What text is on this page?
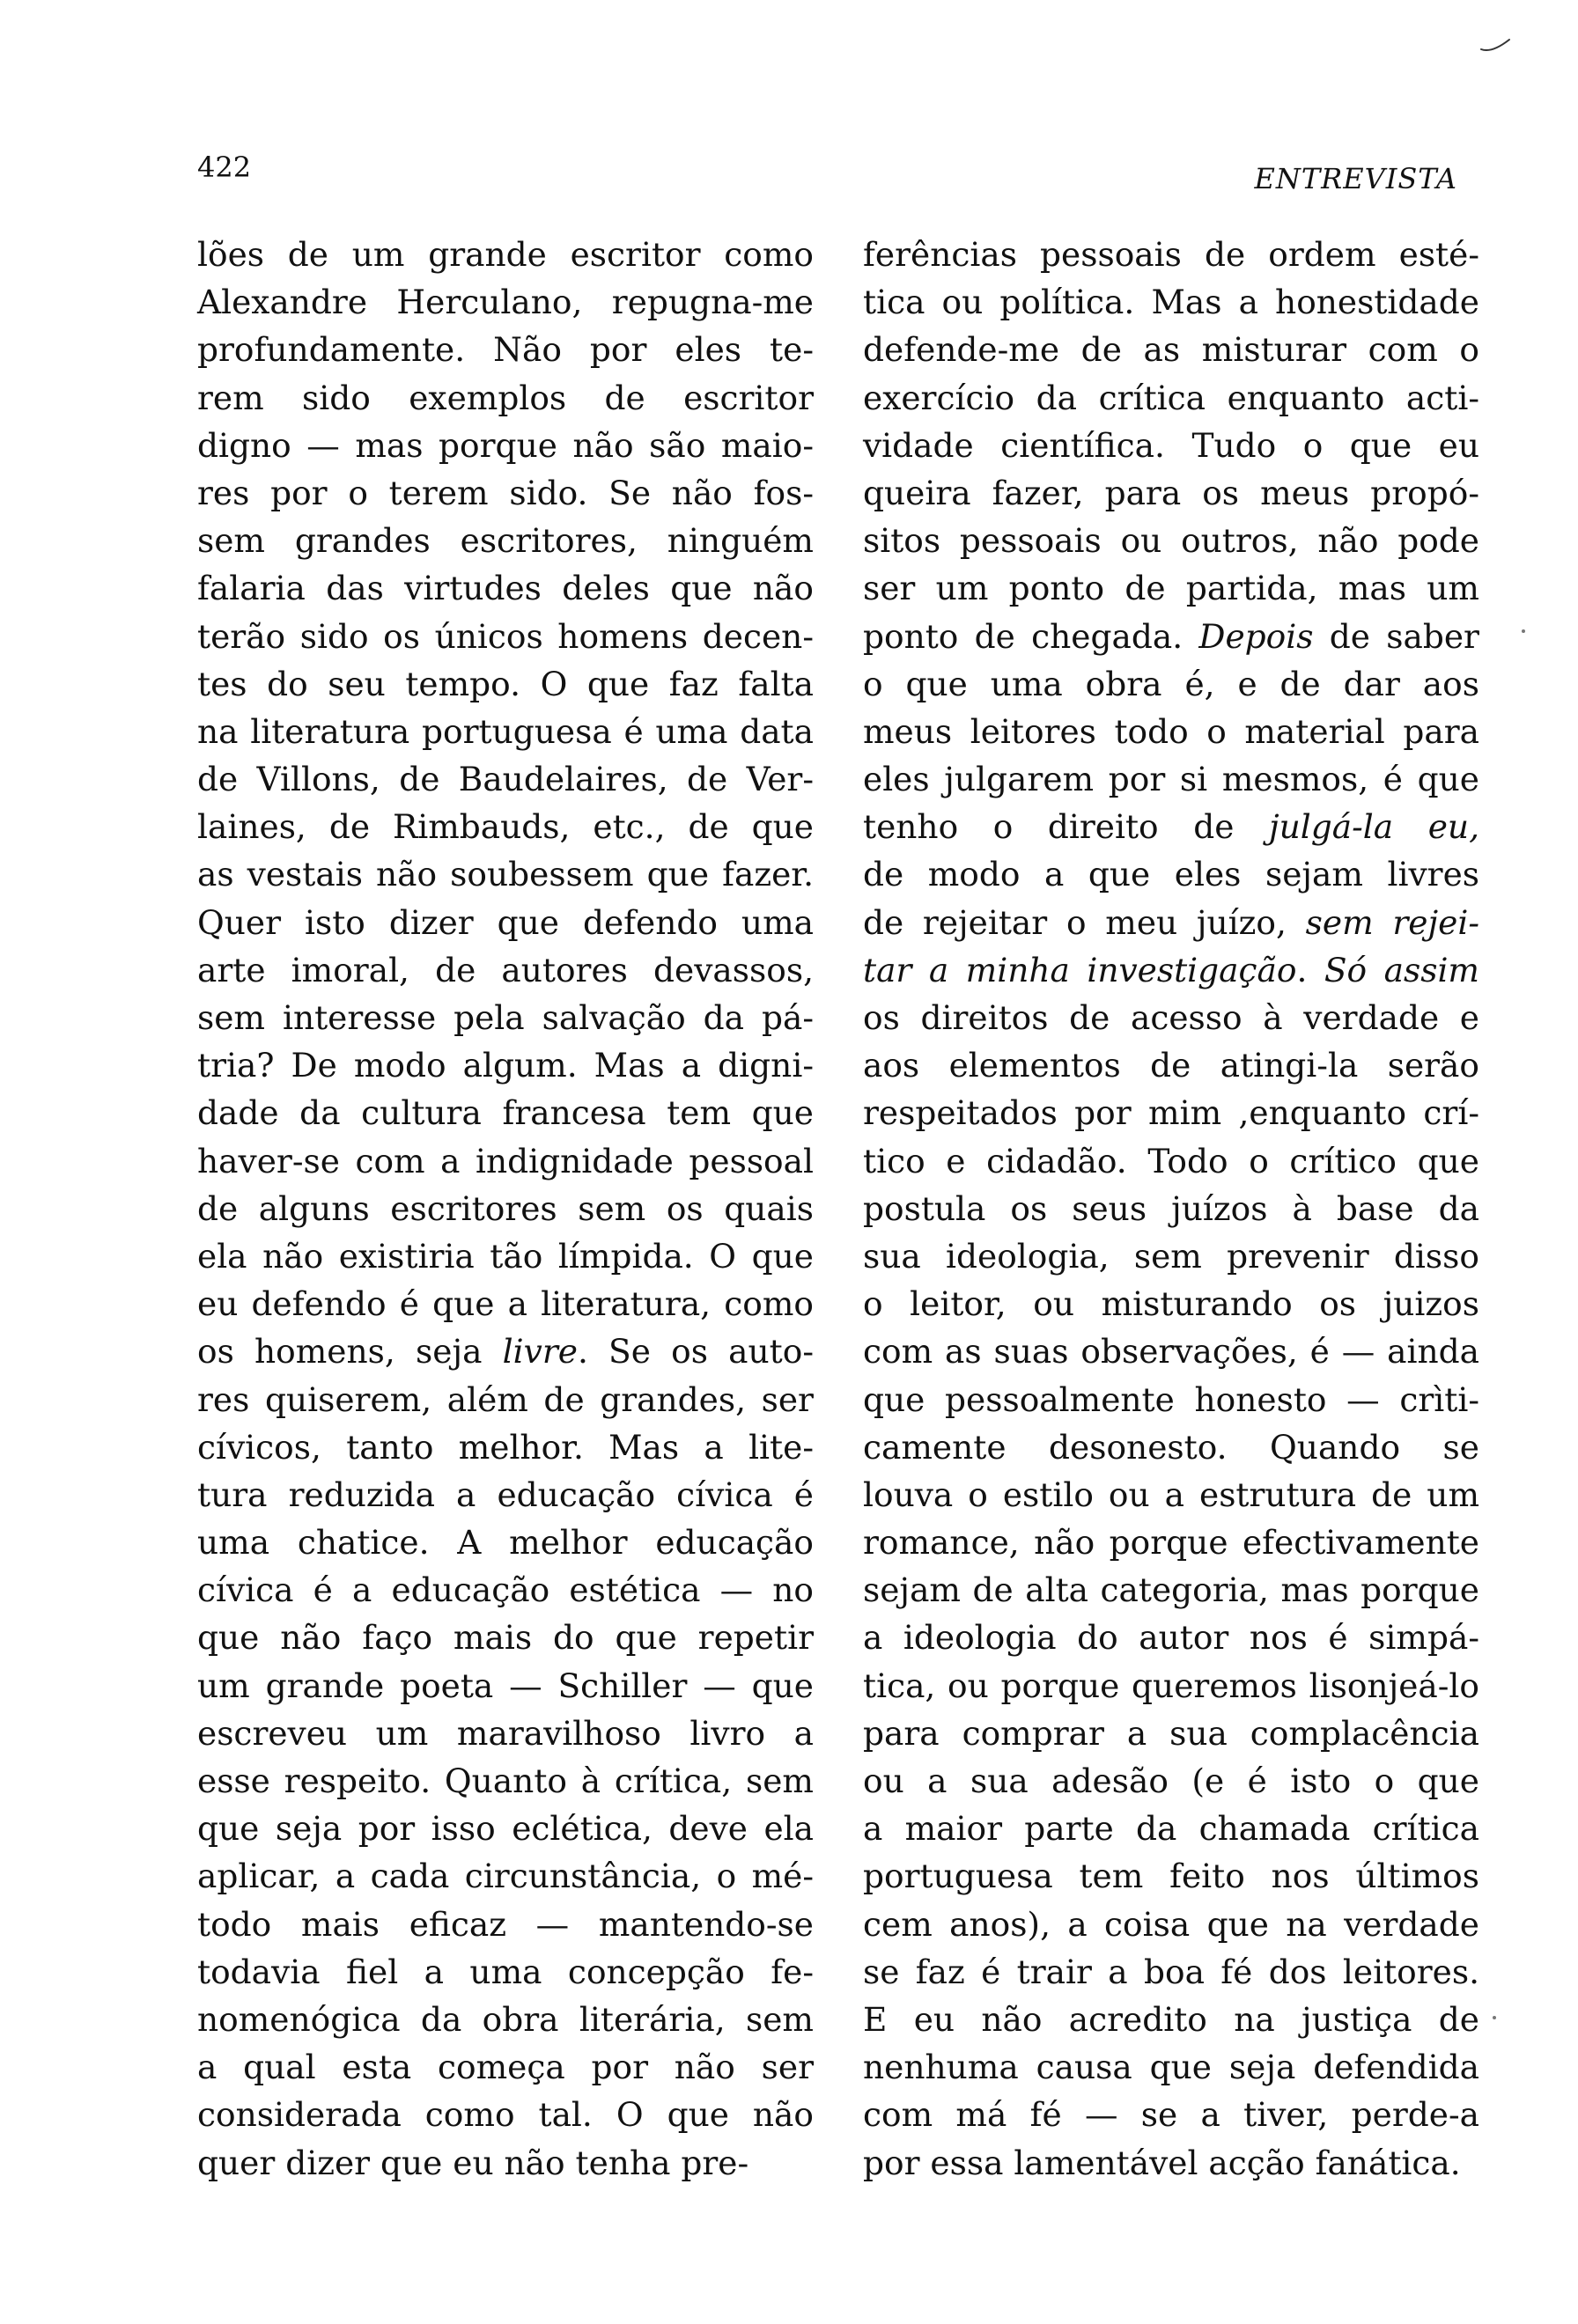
422	ENTREVISTA
lões de um grande escritor como
Alexandre Herculano, repugna-me
profundamente. Não por eles te-
rem sido exemplos de escritor
digno — mas porque não são maio-
res por o terem sido. Se não fos-
sem grandes escritores, ninguém
falaria das virtudes deles que não
terão sido os únicos homens decen-
tes do seu tempo. O que faz falta
na literatura portuguesa é uma data
de Villons, de Baudelaires, de Ver-
laines, de Rimbauds, etc., de que
as vestais não soubessem que fazer.
Quer isto dizer que defendo uma
arte imoral, de autores devassos,
sem interesse pela salvação da pá-
tria? De modo algum. Mas a digni-
dade da cultura francesa tem que
haver-se com a indignidade pessoal
de alguns escritores sem os quais
ela não existiria tão límpida. O que
eu defendo é que a literatura, como
os homens, seja livre. Se os auto-
res quiserem, além de grandes, ser
cívicos, tanto melhor. Mas a lite-
tura reduzida a educação cívica é
uma chatice. A melhor educação
cívica é a educação estética — no
que não faço mais do que repetir
um grande poeta — Schiller — que
escreveu um maravilhoso livro a
esse respeito. Quanto à crítica, sem
que seja por isso eclética, deve ela
aplicar, a cada circunstância, o mé-
todo mais eficaz — mantendo-se
todavia fiel a uma concepção fe-
nomenógica da obra literária, sem
a qual esta começa por não ser
considerada como tal. O que não
quer dizer que eu não tenha pre-
ferências pessoais de ordem esté-
tica ou política. Mas a honestidade
defende-me de as misturar com o
exercício da crítica enquanto acti-
vidade científica. Tudo o que eu
queira fazer, para os meus propó-
sitos pessoais ou outros, não pode
ser um ponto de partida, mas um
ponto de chegada. Depois de saber
o que uma obra é, e de dar aos
meus leitores todo o material para
eles julgarem por si mesmos, é que
tenho o direito de julgá-la eu,
de modo a que eles sejam livres
de rejeitar o meu juízo, sem rejei-
tar a minha investigação. Só assim
os direitos de acesso à verdade e
aos elementos de atingi-la serão
respeitados por mim ,enquanto crí-
tico e cidadão. Todo o crítico que
postula os seus juízos à base da
sua ideologia, sem prevenir disso
o leitor, ou misturando os juizos
com as suas observações, é — ainda
que pessoalmente honesto — crìti-
camente desonesto. Quando se
louva o estilo ou a estrutura de um
romance, não porque efectivamente
sejam de alta categoria, mas porque
a ideologia do autor nos é simpá-
tica, ou porque queremos lisonjeá-lo
para comprar a sua complacência
ou a sua adesão (e é isto o que
a maior parte da chamada crítica
portuguesa tem feito nos últimos
cem anos), a coisa que na verdade
se faz é trair a boa fé dos leitores.
E eu não acredito na justiça de
nenhuma causa que seja defendida
com má fé — se a tiver, perde-a
por essa lamentável acção fanática.
